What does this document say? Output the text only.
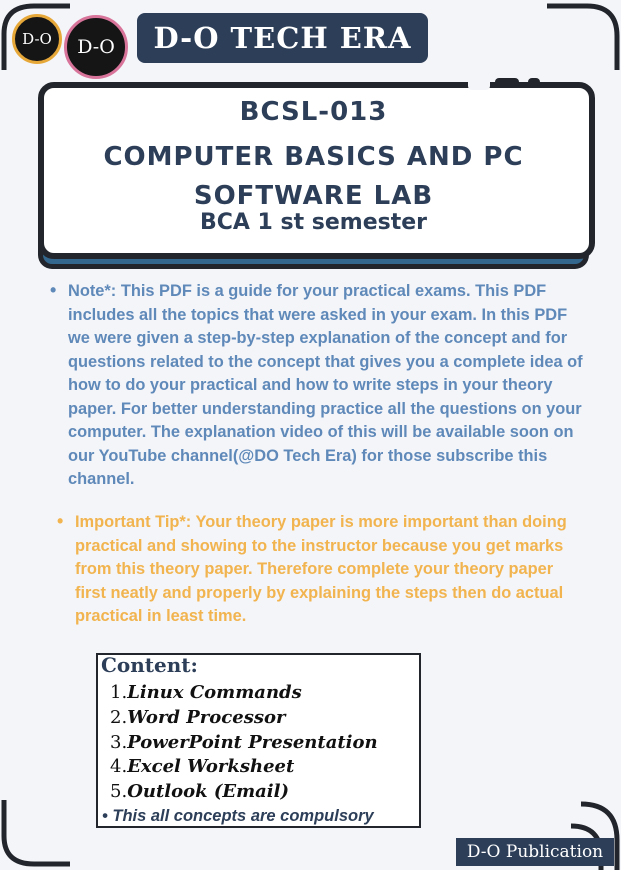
D-O D-O	D-O TECH ERA
BCSL-013
COMPUTER BASICS AND PC
SOFTWARE LAB
BCA 1 st semester
• Note*: This PDF is a guide for your practical exams. This PDF includes all the topics that were asked in your exam. In this PDF we were given a step-by-step explanation of the concept and for questions related to the concept that gives you a complete idea of how to do your practical and how to write steps in your theory paper. For better understanding practice all the questions on your computer. The explanation video of this will be available soon on our YouTube channel(@DO Tech Era) for those subscribe this channel.
• Important Tip*: Your theory paper is more important than doing practical and showing to the instructor because you get marks from this theory paper. Therefore complete your theory paper first neatly and properly by explaining the steps then do actual practical in least time.
Content:
1.Linux Commands
2.Word Processor
3.PowerPoint Presentation
4.Excel Worksheet
5.Outlook (Email)
• This all concepts are compulsory
D-O Publication
